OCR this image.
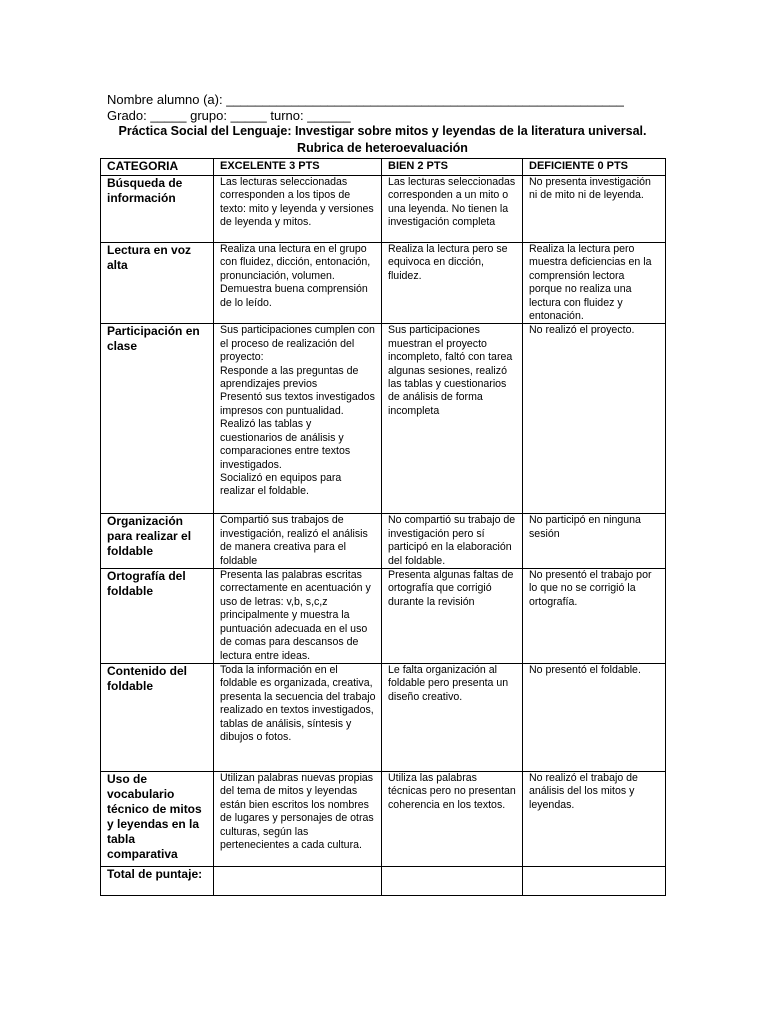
Nombre alumno (a): _______________________________________________________
Grado: _____ grupo: _____ turno: ______
Práctica Social del Lenguaje: Investigar sobre mitos y leyendas de la literatura universal.
Rubrica de heteroevaluación
CATEGORIA	EXCELENTE 3 PTS	BIEN 2 PTS	DEFICIENTE 0 PTS
Búsqueda de información	Las lecturas seleccionadas corresponden a los tipos de texto: mito y leyenda y versiones de leyenda y mitos.	Las lecturas seleccionadas corresponden a un mito o una leyenda. No tienen la investigación completa	No presenta investigación ni de mito ni de leyenda.
Lectura en voz alta	Realiza una lectura en el grupo con fluidez, dicción, entonación, pronunciación, volumen. Demuestra buena comprensión de lo leído.	Realiza la lectura pero se equivoca en dicción, fluidez.	Realiza la lectura pero muestra deficiencias en la comprensión lectora porque no realiza una lectura con fluidez y entonación.
Participación en clase	Sus participaciones cumplen con el proceso de realización del proyecto:
Responde a las preguntas de aprendizajes previos
Presentó sus textos investigados impresos con puntualidad.
Realizó las tablas y cuestionarios de análisis y comparaciones entre textos investigados.
Socializó en equipos para realizar el foldable.	Sus participaciones muestran el proyecto incompleto, faltó con tarea algunas sesiones, realizó las tablas y cuestionarios de análisis de forma incompleta	No realizó el proyecto.
Organización para realizar el foldable	Compartió sus trabajos de investigación, realizó el análisis de manera creativa para el foldable	No compartió su trabajo de investigación pero sí participó en la elaboración del foldable.	No participó en ninguna sesión
Ortografía del foldable	Presenta las palabras escritas correctamente en acentuación y uso de letras: v,b, s,c,z principalmente y muestra la puntuación adecuada en el uso de comas para descansos de lectura entre ideas.	Presenta algunas faltas de ortografía que corrigió durante la revisión	No presentó el trabajo por lo que no se corrigió la ortografía.
Contenido del foldable	Toda la información en el foldable es organizada, creativa, presenta la secuencia del trabajo realizado en textos investigados, tablas de análisis, síntesis y dibujos o fotos.	Le falta organización al foldable pero presenta un diseño creativo.	No presentó el foldable.
Uso de vocabulario técnico de mitos y leyendas en la tabla comparativa	Utilizan palabras nuevas propias del tema de mitos y leyendas están bien escritos los nombres de lugares y personajes de otras culturas, según las pertenecientes a cada cultura.	Utiliza las palabras técnicas pero no presentan coherencia en los textos.	No realizó el trabajo de análisis del los mitos y leyendas.
Total de puntaje:			
